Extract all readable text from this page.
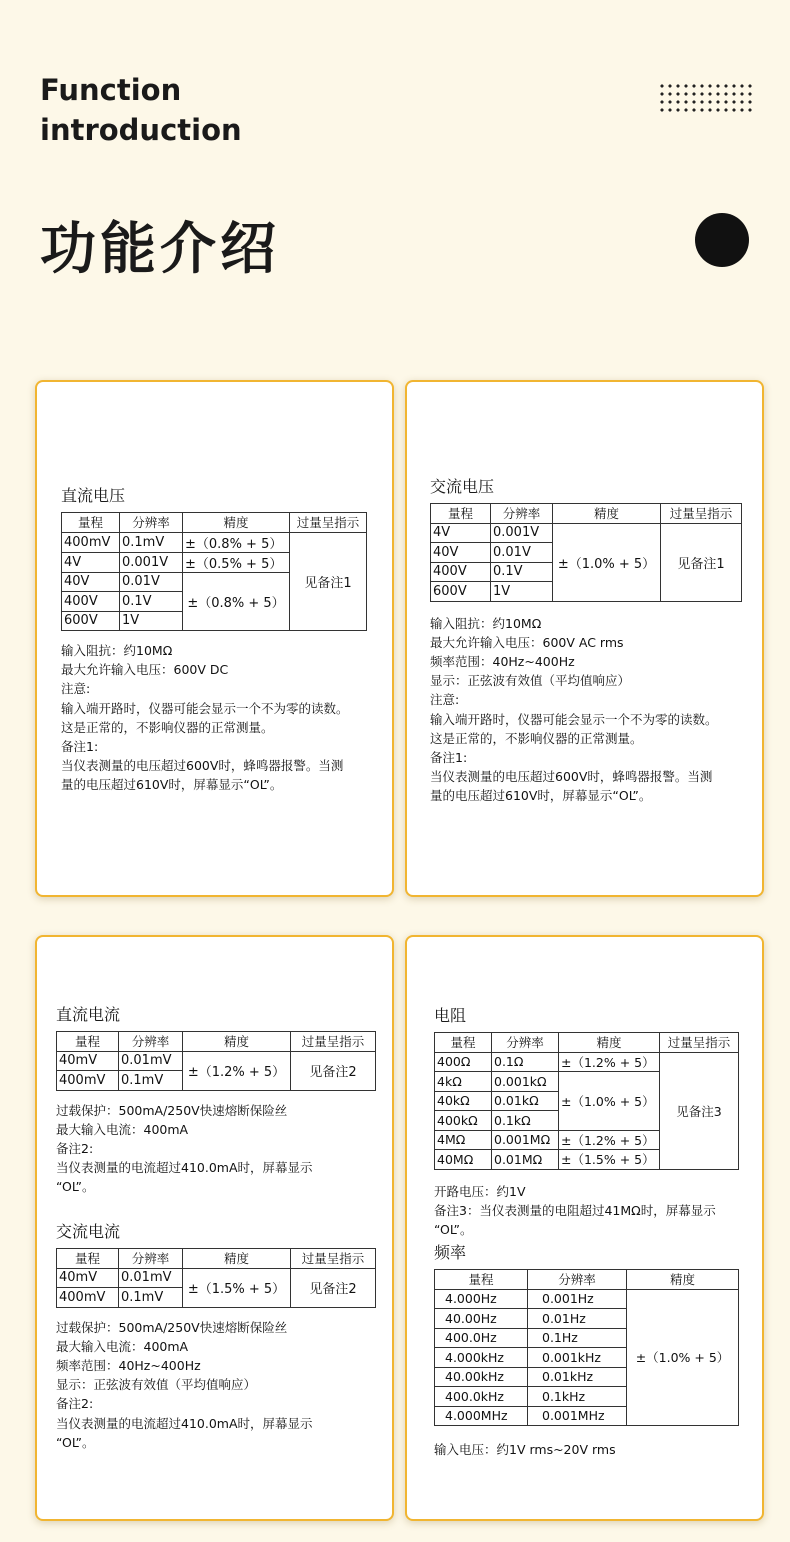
Function
introduction
功能介绍
直流电压
量程	分辨率	精度	过量呈指示
400mV	0.1mV	±（0.8% + 5）	见备注1
4V	0.001V	±（0.5% + 5）	
40V	0.01V	±（0.8% + 5）	
400V	0.1V		
600V	1V		
输入阻抗：约10MΩ
最大允许输入电压：600V DC
注意:
输入端开路时，仪器可能会显示一个不为零的读数。
这是正常的，不影响仪器的正常测量。
备注1:
当仪表测量的电压超过600V时，蜂鸣器报警。当测
量的电压超过610V时，屏幕显示“OL”。
交流电压
量程	分辨率	精度	过量呈指示
4V	0.001V	±（1.0% + 5）	见备注1
40V	0.01V		
400V	0.1V		
600V	1V		
输入阻抗：约10MΩ
最大允许输入电压：600V AC rms
频率范围：40Hz~400Hz
显示：正弦波有效值（平均值响应）
注意:
输入端开路时，仪器可能会显示一个不为零的读数。
这是正常的，不影响仪器的正常测量。
备注1:
当仪表测量的电压超过600V时，蜂鸣器报警。当测
量的电压超过610V时，屏幕显示“OL”。
直流电流
量程	分辨率	精度	过量呈指示
40mV	0.01mV	±（1.2% + 5）	见备注2
400mV	0.1mV		
过载保护：500mA/250V快速熔断保险丝
最大输入电流：400mA
备注2:
当仪表测量的电流超过410.0mA时，屏幕显示
“OL”。
交流电流
量程	分辨率	精度	过量呈指示
40mV	0.01mV	±（1.5% + 5）	见备注2
400mV	0.1mV		
过载保护：500mA/250V快速熔断保险丝
最大输入电流：400mA
频率范围：40Hz~400Hz
显示：正弦波有效值（平均值响应）
备注2:
当仪表测量的电流超过410.0mA时，屏幕显示
“OL”。
电阻
量程	分辨率	精度	过量呈指示
400Ω	0.1Ω	±（1.2% + 5）	见备注3
4kΩ	0.001kΩ	±（1.0% + 5）	
40kΩ	0.01kΩ		
400kΩ	0.1kΩ		
4MΩ	0.001MΩ	±（1.2% + 5）	
40MΩ	0.01MΩ	±（1.5% + 5）	
开路电压：约1V
备注3：当仪表测量的电阻超过41MΩ时，屏幕显示
“OL”。
频率
量程	分辨率	精度
4.000Hz	0.001Hz	±（1.0% + 5）
40.00Hz	0.01Hz	
400.0Hz	0.1Hz	
4.000kHz	0.001kHz	
40.00kHz	0.01kHz	
400.0kHz	0.1kHz	
4.000MHz	0.001MHz	
输入电压：约1V rms~20V rms
